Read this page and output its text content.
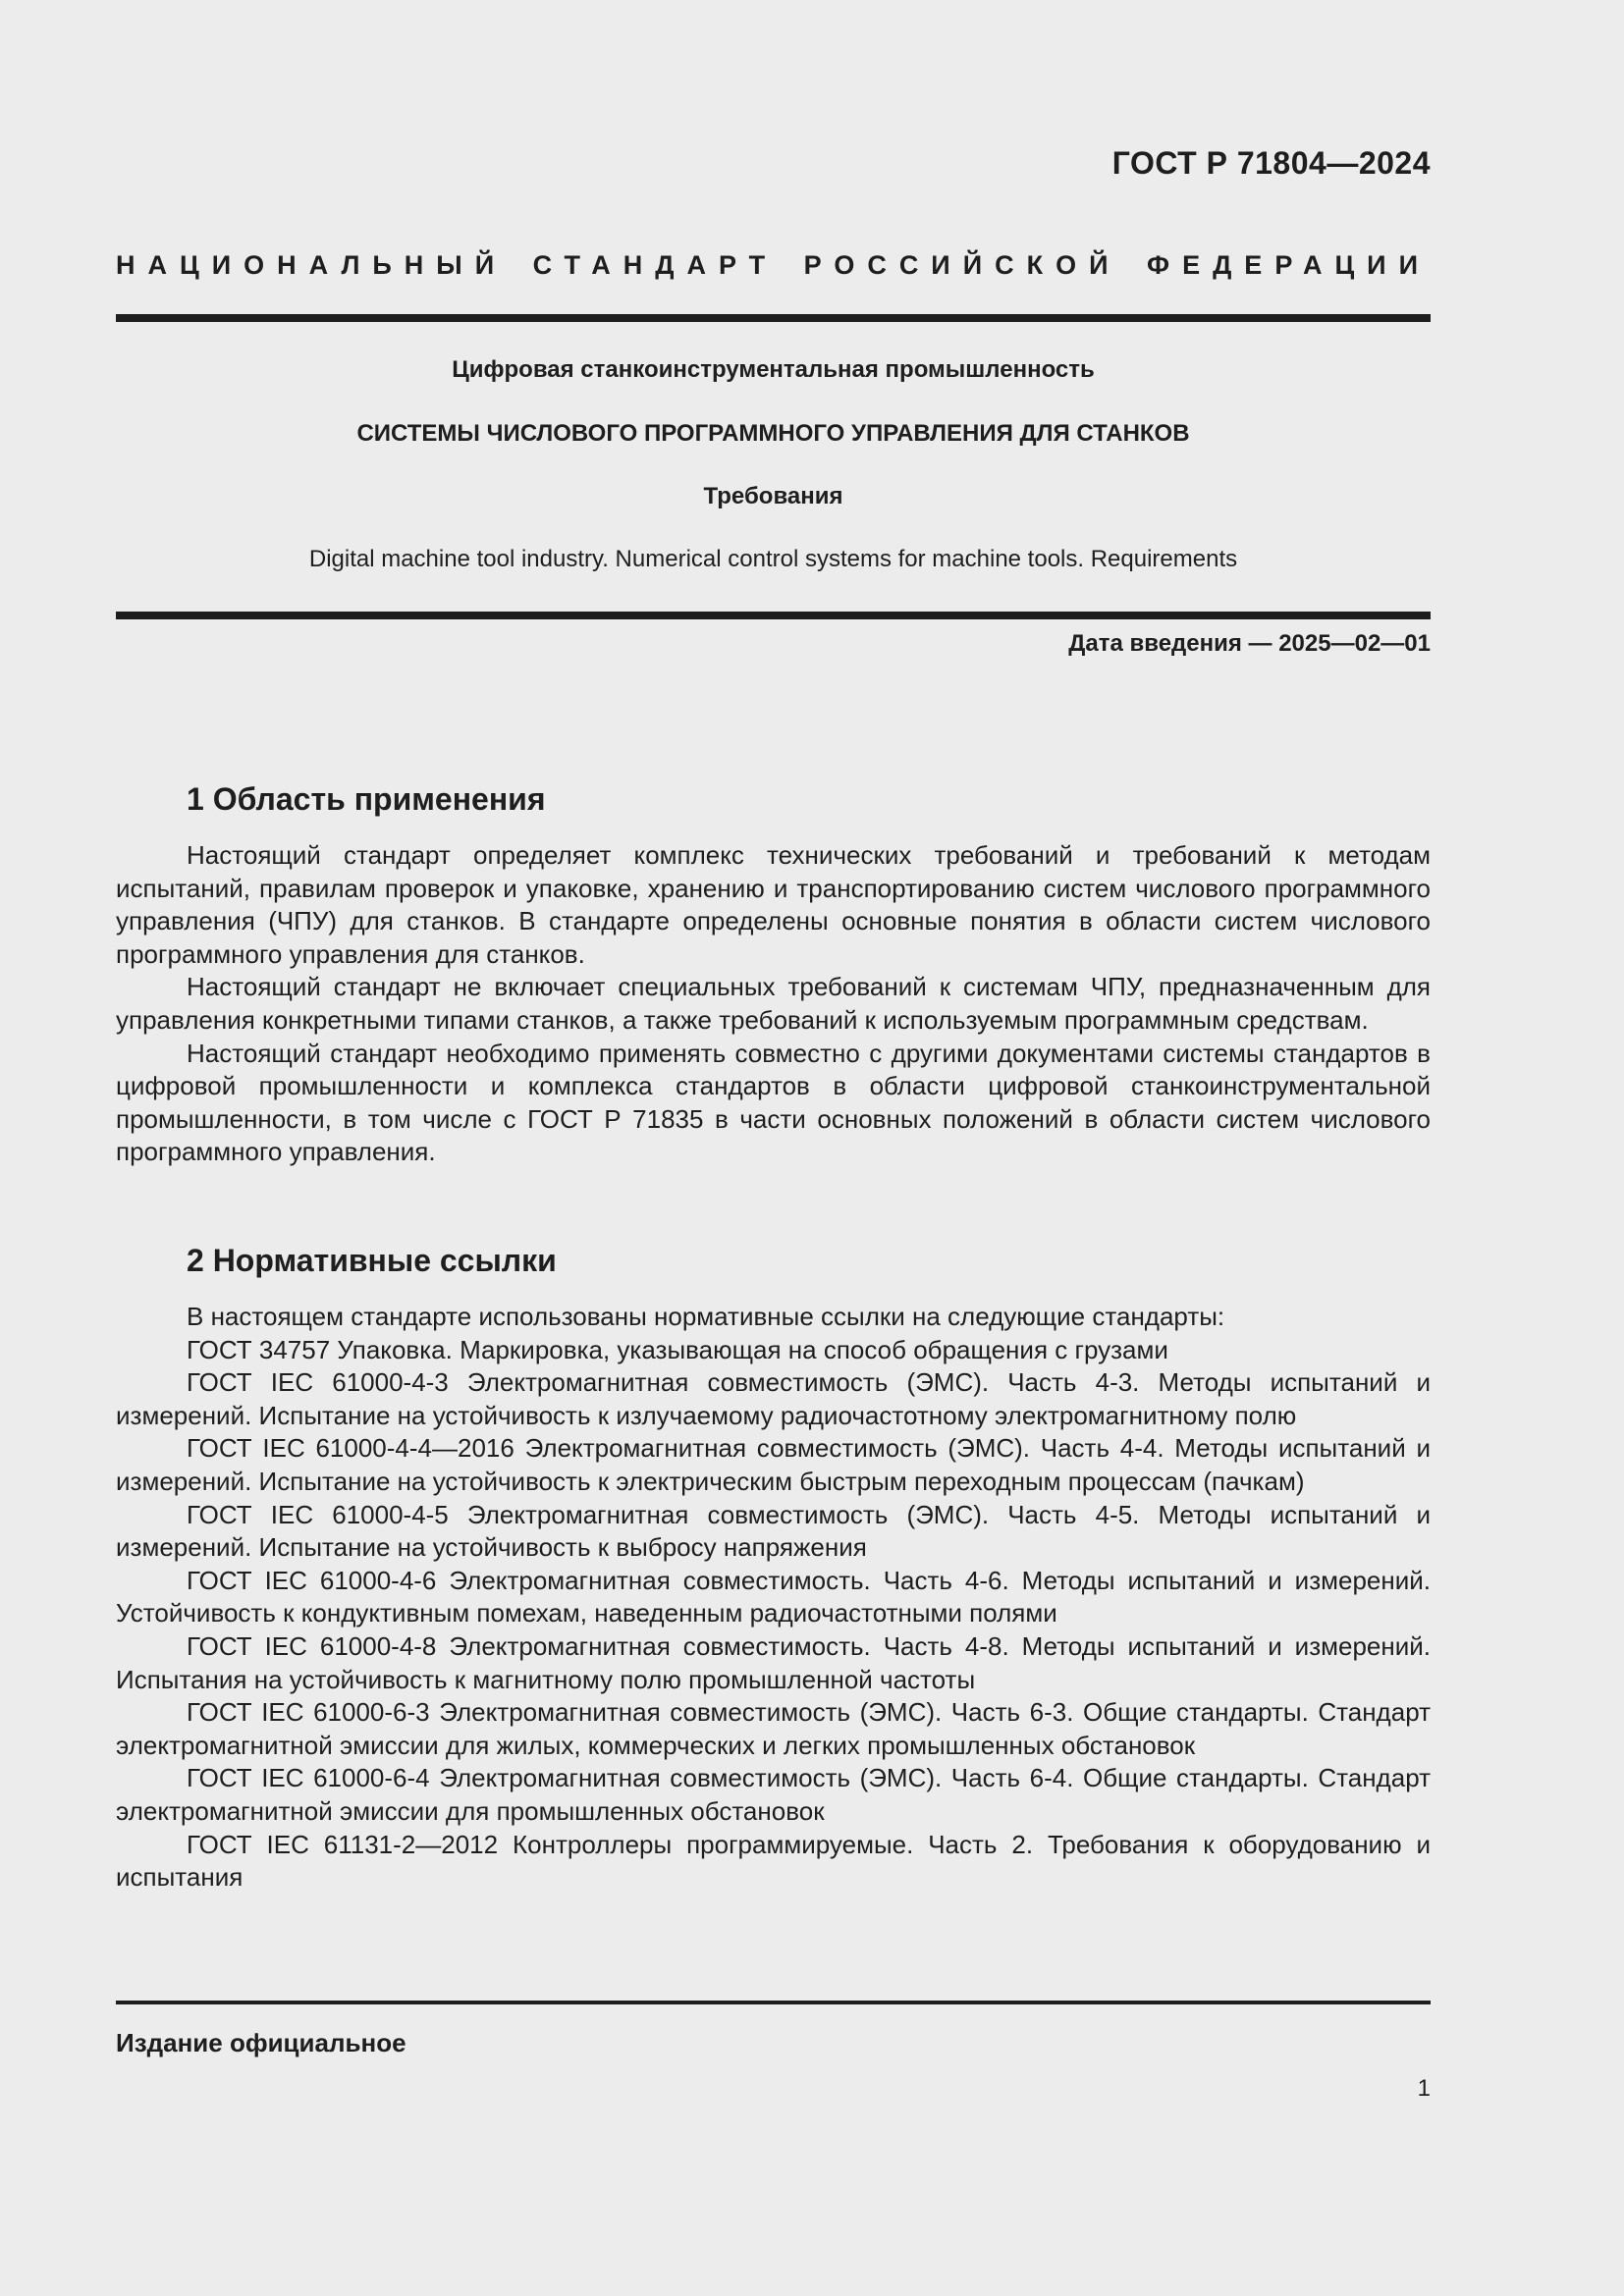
ГОСТ Р 71804—2024
НАЦИОНАЛЬНЫЙ СТАНДАРТ РОССИЙСКОЙ ФЕДЕРАЦИИ
Цифровая станкоинструментальная промышленность
СИСТЕМЫ ЧИСЛОВОГО ПРОГРАММНОГО УПРАВЛЕНИЯ ДЛЯ СТАНКОВ
Требования
Digital machine tool industry. Numerical control systems for machine tools. Requirements
Дата введения — 2025—02—01
1 Область применения

Настоящий стандарт определяет комплекс технических требований и требований к методам испытаний, правилам проверок и упаковке, хранению и транспортированию систем числового программного управления (ЧПУ) для станков. В стандарте определены основные понятия в области систем числового программного управления для станков.

Настоящий стандарт не включает специальных требований к системам ЧПУ, предназначенным для управления конкретными типами станков, а также требований к используемым программным средствам.

Настоящий стандарт необходимо применять совместно с другими документами системы стандартов в цифровой промышленности и комплекса стандартов в области цифровой станкоинструментальной промышленности, в том числе с ГОСТ Р 71835 в части основных положений в области систем числового программного управления.

2 Нормативные ссылки

В настоящем стандарте использованы нормативные ссылки на следующие стандарты:

ГОСТ 34757 Упаковка. Маркировка, указывающая на способ обращения с грузами

ГОСТ IEC 61000-4-3 Электромагнитная совместимость (ЭМС). Часть 4-3. Методы испытаний и измерений. Испытание на устойчивость к излучаемому радиочастотному электромагнитному полю

ГОСТ IEC 61000-4-4—2016 Электромагнитная совместимость (ЭМС). Часть 4-4. Методы испытаний и измерений. Испытание на устойчивость к электрическим быстрым переходным процессам (пачкам)

ГОСТ IEC 61000-4-5 Электромагнитная совместимость (ЭМС). Часть 4-5. Методы испытаний и измерений. Испытание на устойчивость к выбросу напряжения

ГОСТ IEC 61000-4-6 Электромагнитная совместимость. Часть 4-6. Методы испытаний и измерений. Устойчивость к кондуктивным помехам, наведенным радиочастотными полями

ГОСТ IEC 61000-4-8 Электромагнитная совместимость. Часть 4-8. Методы испытаний и измерений. Испытания на устойчивость к магнитному полю промышленной частоты

ГОСТ IEC 61000-6-3 Электромагнитная совместимость (ЭМС). Часть 6-3. Общие стандарты. Стандарт электромагнитной эмиссии для жилых, коммерческих и легких промышленных обстановок

ГОСТ IEC 61000-6-4 Электромагнитная совместимость (ЭМС). Часть 6-4. Общие стандарты. Стандарт электромагнитной эмиссии для промышленных обстановок

ГОСТ IEC 61131-2—2012 Контроллеры программируемые. Часть 2. Требования к оборудованию и испытания

Издание официальное
1
